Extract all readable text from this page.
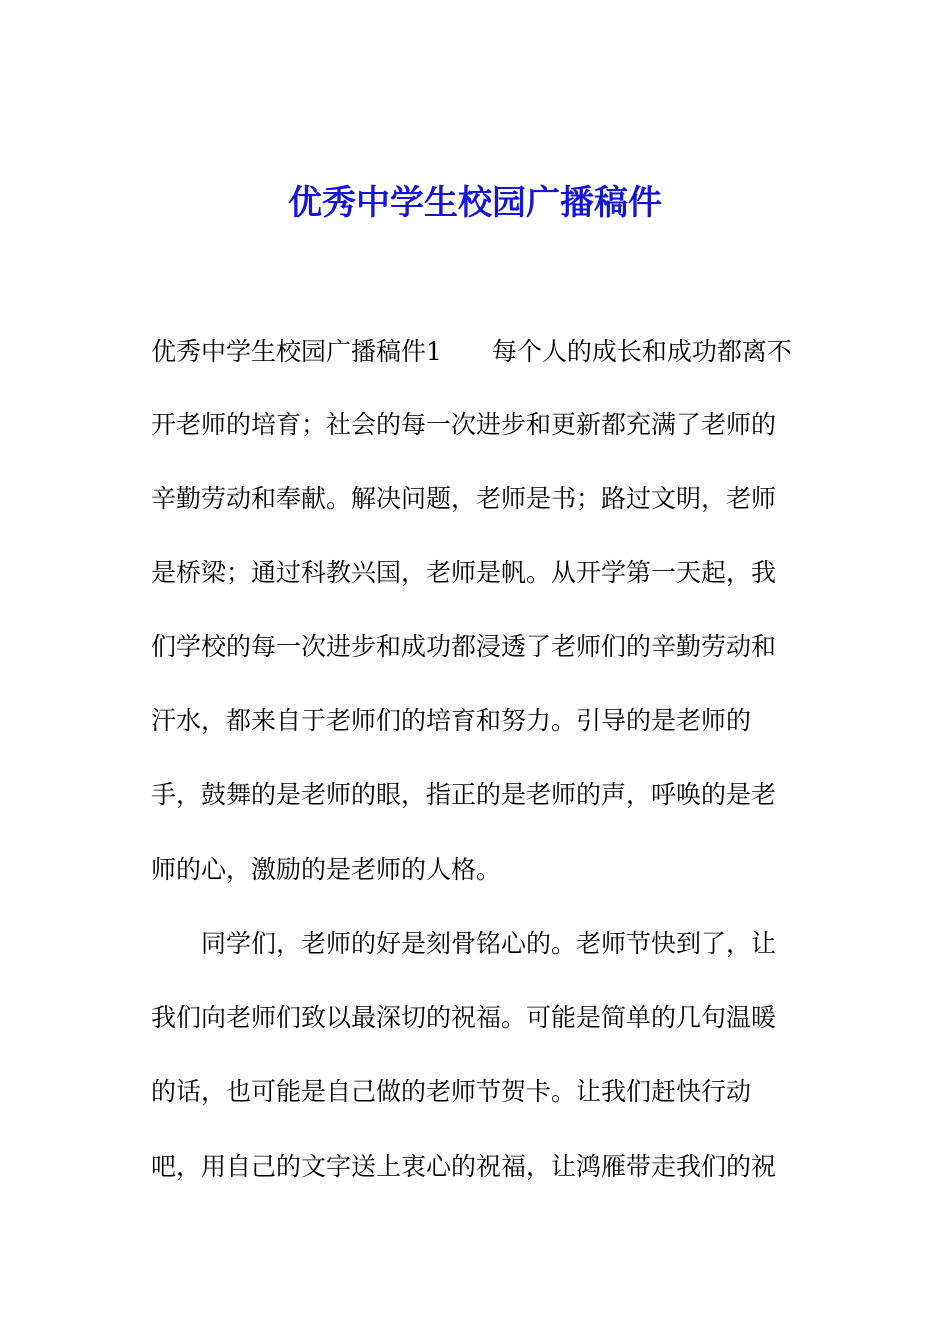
优秀中学生校园广播稿件
优秀中学生校园广播稿件1　　每个人的成长和成功都离不
开老师的培育；社会的每一次进步和更新都充满了老师的
辛勤劳动和奉献。解决问题，老师是书；路过文明，老师
是桥梁；通过科教兴国，老师是帆。从开学第一天起，我
们学校的每一次进步和成功都浸透了老师们的辛勤劳动和
汗水，都来自于老师们的培育和努力。引导的是老师的
手，鼓舞的是老师的眼，指正的是老师的声，呼唤的是老
师的心，激励的是老师的人格。
　　同学们，老师的好是刻骨铭心的。老师节快到了，让
我们向老师们致以最深切的祝福。可能是简单的几句温暖
的话，也可能是自己做的老师节贺卡。让我们赶快行动
吧，用自己的文字送上衷心的祝福，让鸿雁带走我们的祝
